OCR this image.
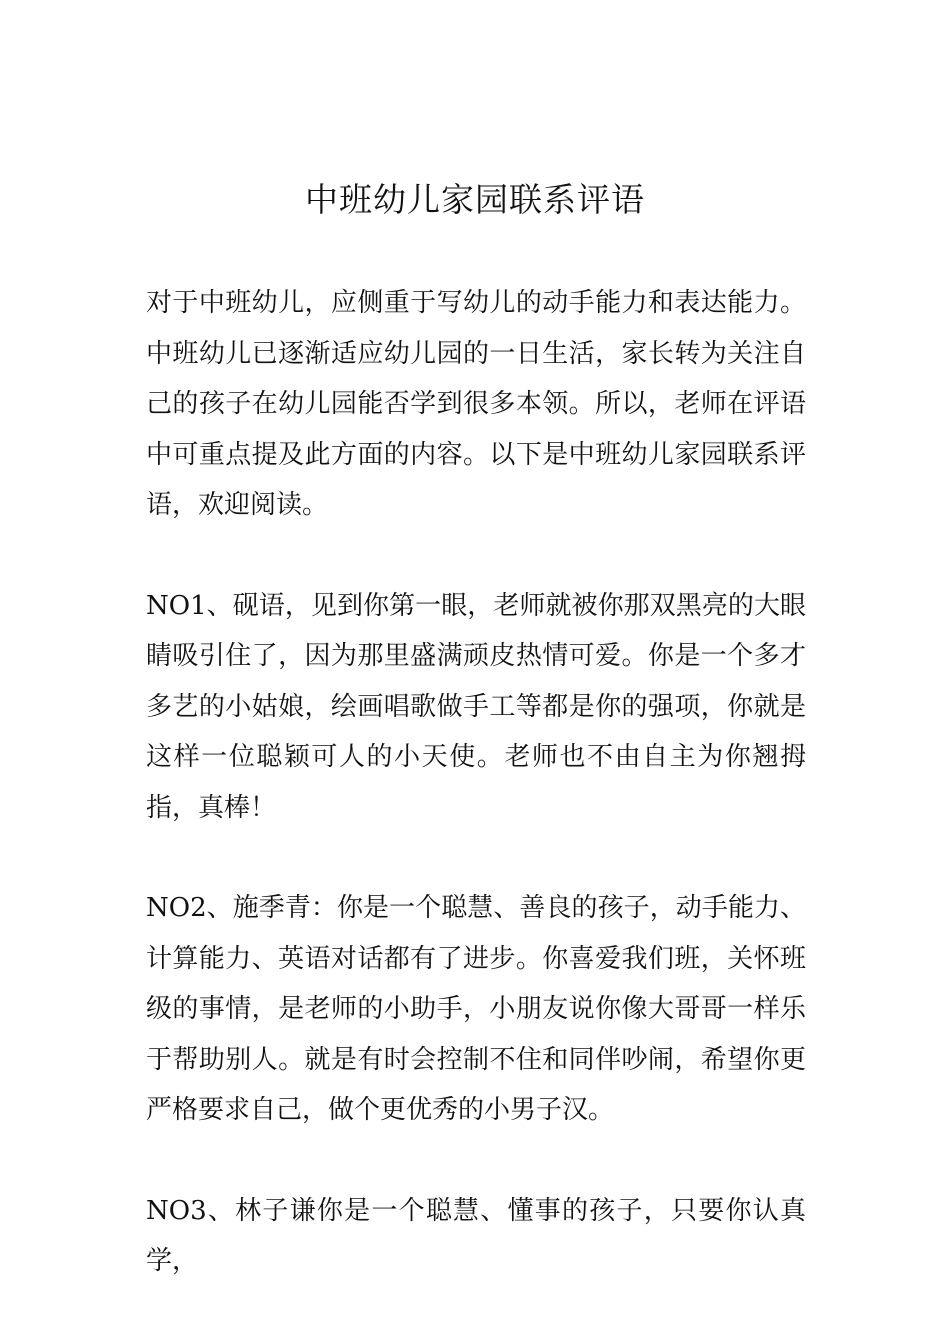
中班幼儿家园联系评语

对于中班幼儿，应侧重于写幼儿的动手能力和表达能力。中班幼儿已逐渐适应幼儿园的一日生活，家长转为关注自己的孩子在幼儿园能否学到很多本领。所以，老师在评语中可重点提及此方面的内容。以下是中班幼儿家园联系评语，欢迎阅读。

NO1、砚语，见到你第一眼，老师就被你那双黑亮的大眼睛吸引住了，因为那里盛满顽皮热情可爱。你是一个多才多艺的小姑娘，绘画唱歌做手工等都是你的强项，你就是这样一位聪颖可人的小天使。老师也不由自主为你翘拇指，真棒！

NO2、施季青：你是一个聪慧、善良的孩子，动手能力、计算能力、英语对话都有了进步。你喜爱我们班，关怀班级的事情，是老师的小助手，小朋友说你像大哥哥一样乐于帮助别人。就是有时会控制不住和同伴吵闹，希望你更严格要求自己，做个更优秀的小男子汉。

NO3、林子谦你是一个聪慧、懂事的孩子，只要你认真学，
